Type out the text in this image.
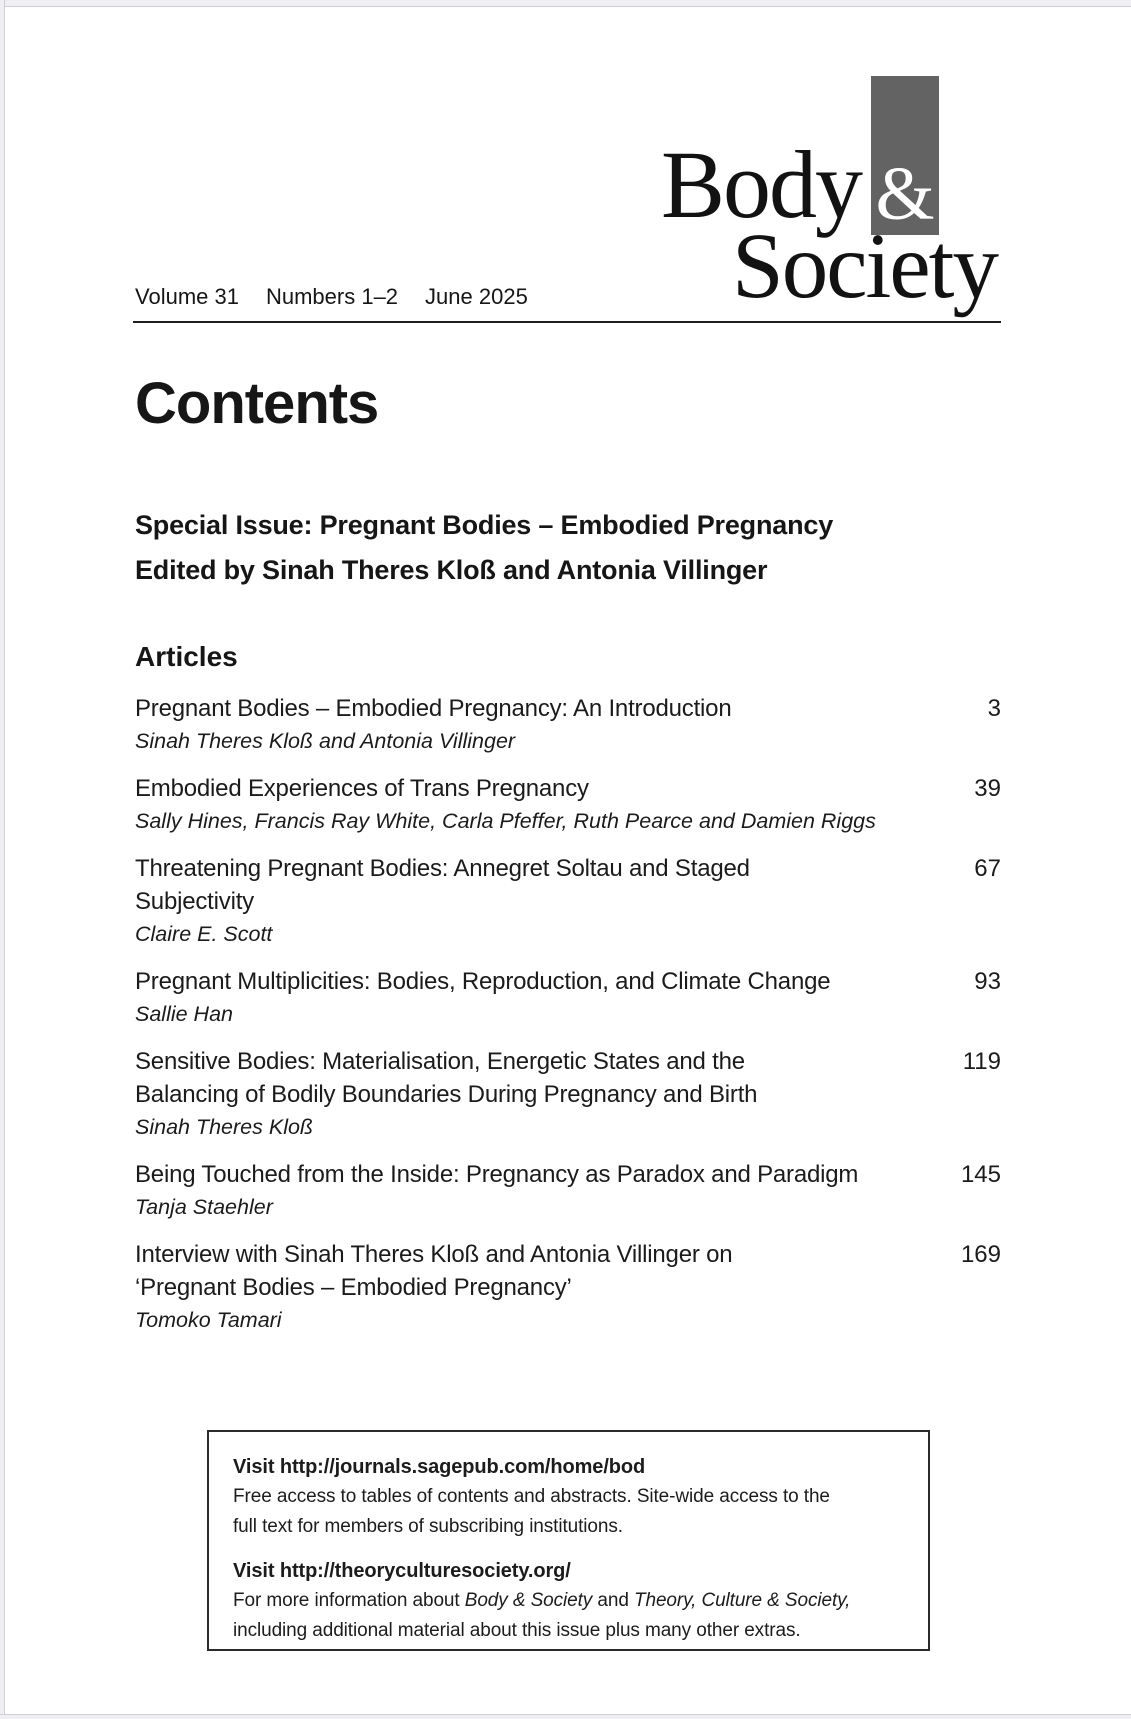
Volume 31 Numbers 1–2 June 2025
&
Body
Society
Contents
Special Issue: Pregnant Bodies – Embodied Pregnancy
Edited by Sinah Theres Kloß and Antonia Villinger
Articles
Pregnant Bodies – Embodied Pregnancy: An Introduction
Sinah Theres Kloß and Antonia Villinger
3
Embodied Experiences of Trans Pregnancy
Sally Hines, Francis Ray White, Carla Pfeffer, Ruth Pearce and Damien Riggs
39
Threatening Pregnant Bodies: Annegret Soltau and Staged
Subjectivity
Claire E. Scott
67
Pregnant Multiplicities: Bodies, Reproduction, and Climate Change
Sallie Han
93
Sensitive Bodies: Materialisation, Energetic States and the
Balancing of Bodily Boundaries During Pregnancy and Birth
Sinah Theres Kloß
119
Being Touched from the Inside: Pregnancy as Paradox and Paradigm
Tanja Staehler
145
Interview with Sinah Theres Kloß and Antonia Villinger on
‘Pregnant Bodies – Embodied Pregnancy’
Tomoko Tamari
169
Visit http://journals.sagepub.com/home/bod
Free access to tables of contents and abstracts. Site-wide access to the
full text for members of subscribing institutions.
Visit http://theoryculturesociety.org/
For more information about Body & Society and Theory, Culture & Society,
including additional material about this issue plus many other extras.
